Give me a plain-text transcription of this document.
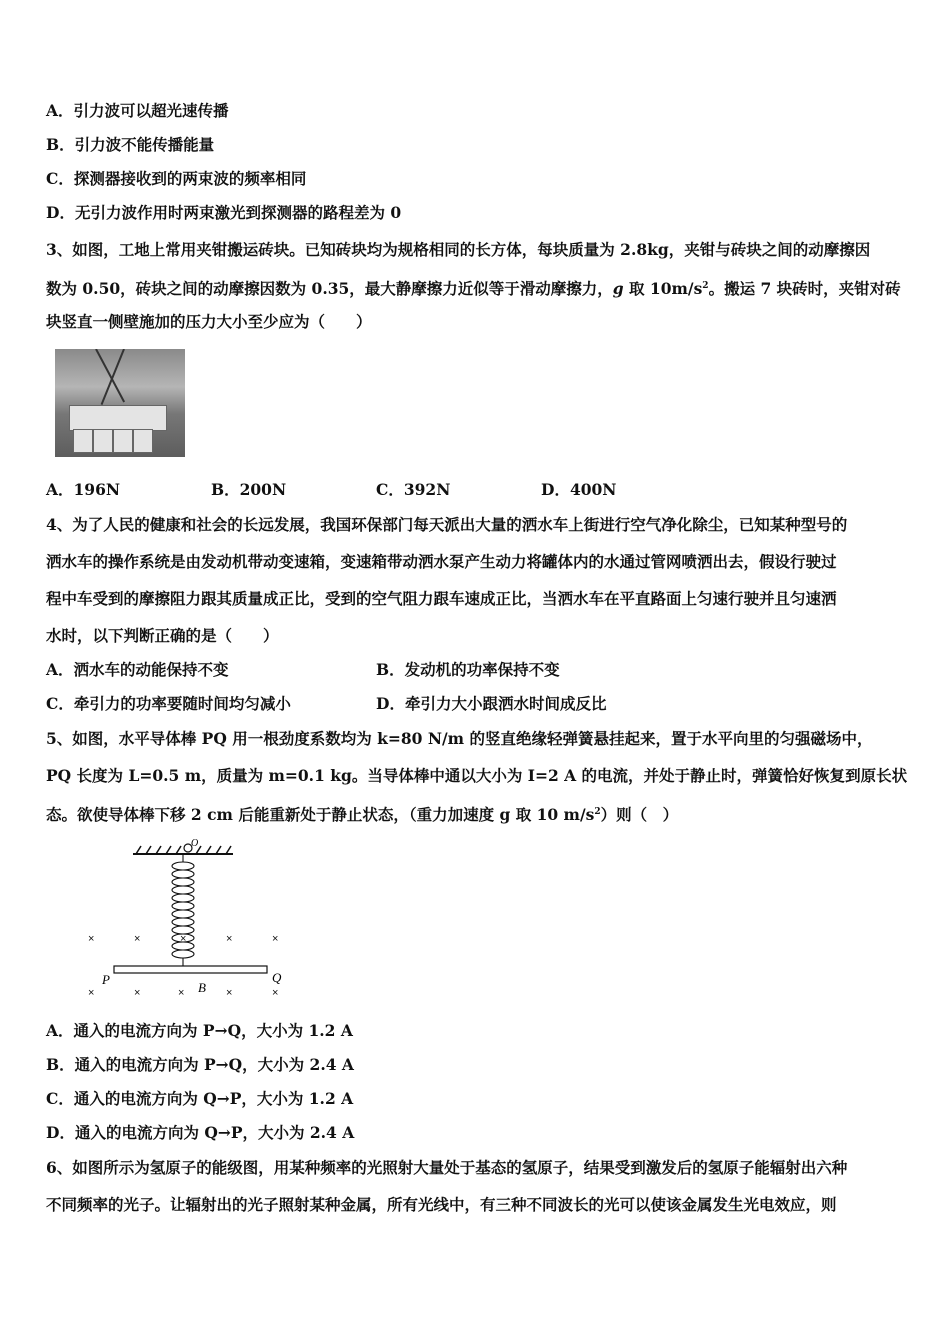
A．引力波可以超光速传播
B．引力波不能传播能量
C．探测器接收到的两束波的频率相同
D．无引力波作用时两束激光到探测器的路程差为 0
3、如图，工地上常用夹钳搬运砖块。已知砖块均为规格相同的长方体，每块质量为 2.8kg，夹钳与砖块之间的动摩擦因
数为 0.50，砖块之间的动摩擦因数为 0.35，最大静摩擦力近似等于滑动摩擦力，g 取 $10m/s^2$。搬运 7 块砖时，夹钳对砖
块竖直一侧壁施加的压力大小至少应为（　　）
A．196N	B．200N	C．392N	D．400N
4、为了人民的健康和社会的长远发展，我国环保部门每天派出大量的洒水车上街进行空气净化除尘，已知某种型号的
洒水车的操作系统是由发动机带动变速箱，变速箱带动洒水泵产生动力将罐体内的水通过管网喷洒出去，假设行驶过
程中车受到的摩擦阻力跟其质量成正比，受到的空气阻力跟车速成正比，当洒水车在平直路面上匀速行驶并且匀速洒
水时，以下判断正确的是（　　）
A．洒水车的动能保持不变	B．发动机的功率保持不变
C．牵引力的功率要随时间均匀减小	D．牵引力大小跟洒水时间成反比
5、如图，水平导体棒 PQ 用一根劲度系数均为 k=80 N/m 的竖直绝缘轻弹簧悬挂起来，置于水平向里的匀强磁场中，
PQ 长度为 L=0.5 m，质量为 m=0.1 kg。当导体棒中通以大小为 I=2 A 的电流，并处于静止时，弹簧恰好恢复到原长状
态。欲使导体棒下移 2 cm 后能重新处于静止状态，（重力加速度 g 取 10 $m/s^2$）则（　）
O
×	×	×	×	×
×	×	×	×	×
P	Q
B
A．通入的电流方向为 P→Q，大小为 1.2 A
B．通入的电流方向为 P→Q，大小为 2.4 A
C．通入的电流方向为 Q→P，大小为 1.2 A
D．通入的电流方向为 Q→P，大小为 2.4 A
6、如图所示为氢原子的能级图，用某种频率的光照射大量处于基态的氢原子，结果受到激发后的氢原子能辐射出六种
不同频率的光子。让辐射出的光子照射某种金属，所有光线中，有三种不同波长的光可以使该金属发生光电效应，则
